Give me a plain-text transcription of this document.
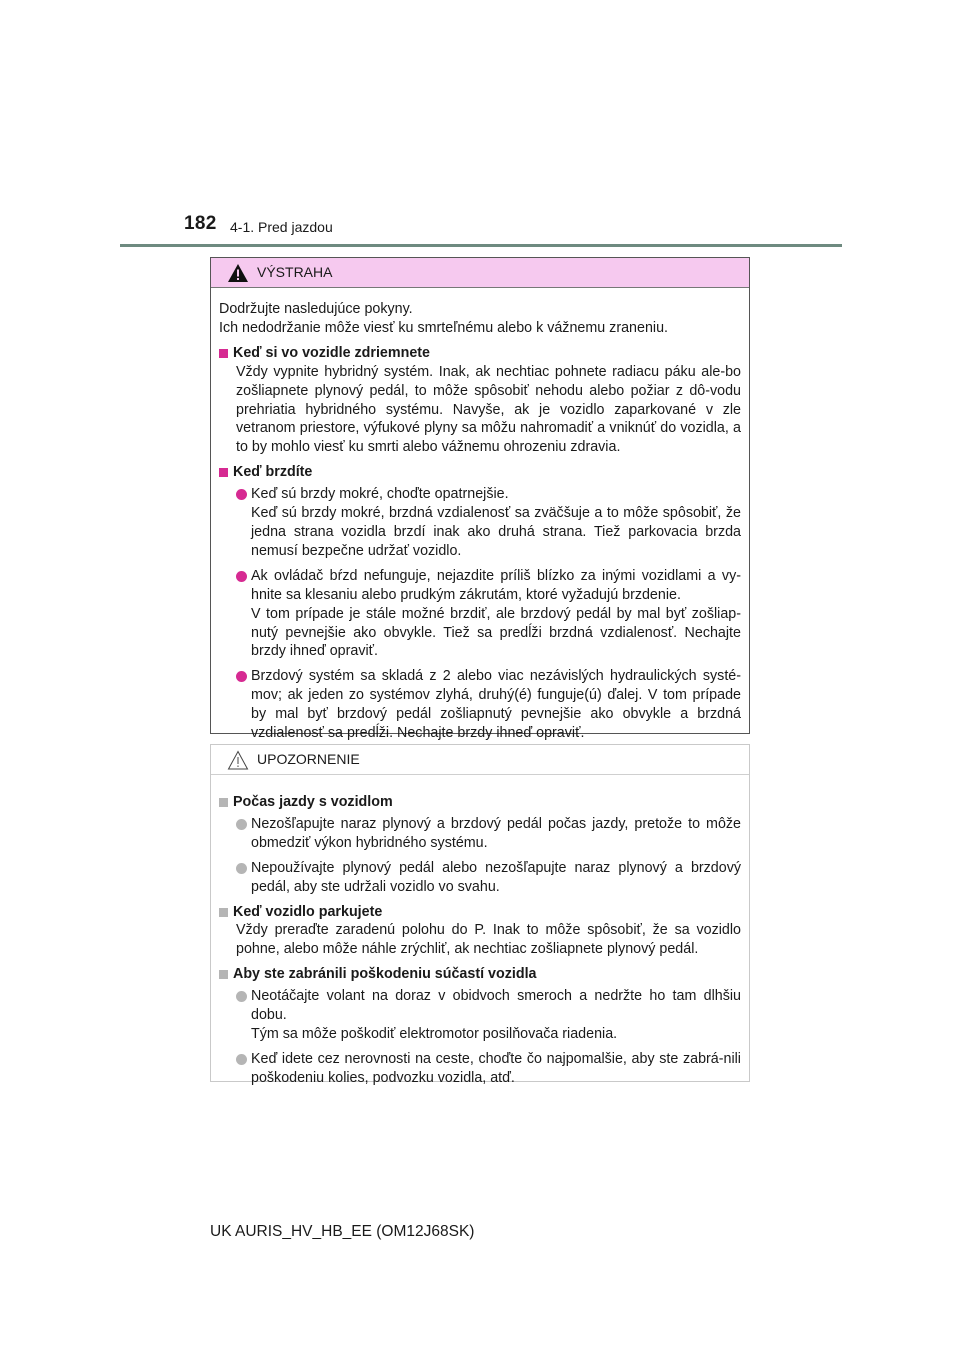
182 4-1. Pred jazdou
VÝSTRAHA
Dodržujte nasledujúce pokyny.
Ich nedodržanie môže viesť ku smrteľnému alebo k vážnemu zraneniu.
Keď si vo vozidle zdriemnete
Vždy vypnite hybridný systém. Inak, ak nechtiac pohnete radiacu páku ale-bo zošliapnete plynový pedál, to môže spôsobiť nehodu alebo požiar z dô-vodu prehriatia hybridného systému. Navyše, ak je vozidlo zaparkované v zle vetranom priestore, výfukové plyny sa môžu nahromadiť a vniknúť do vozidla, a to by mohlo viesť ku smrti alebo vážnemu ohrozeniu zdravia.
Keď brzdíte
Keď sú brzdy mokré, choďte opatrnejšie.
Keď sú brzdy mokré, brzdná vzdialenosť sa zväčšuje a to môže spôsobiť, že jedna strana vozidla brzdí inak ako druhá strana. Tiež parkovacia brzda nemusí bezpečne udržať vozidlo.
Ak ovládač bŕzd nefunguje, nejazdite príliš blízko za inými vozidlami a vy-hnite sa klesaniu alebo prudkým zákrutám, ktoré vyžadujú brzdenie.
V tom prípade je stále možné brzdiť, ale brzdový pedál by mal byť zošliap-nutý pevnejšie ako obvykle. Tiež sa predĺži brzdná vzdialenosť. Nechajte brzdy ihneď opraviť.
Brzdový systém sa skladá z 2 alebo viac nezávislých hydraulických systé-mov; ak jeden zo systémov zlyhá, druhý(é) funguje(ú) ďalej. V tom prípade by mal byť brzdový pedál zošliapnutý pevnejšie ako obvykle a brzdná vzdialenosť sa predĺži. Nechajte brzdy ihneď opraviť.
UPOZORNENIE
Počas jazdy s vozidlom
Nezošľapujte naraz plynový a brzdový pedál počas jazdy, pretože to môže obmedziť výkon hybridného systému.
Nepoužívajte plynový pedál alebo nezošľapujte naraz plynový a brzdový pedál, aby ste udržali vozidlo vo svahu.
Keď vozidlo parkujete
Vždy preraďte zaradenú polohu do P. Inak to môže spôsobiť, že sa vozidlo pohne, alebo môže náhle zrýchliť, ak nechtiac zošliapnete plynový pedál.
Aby ste zabránili poškodeniu súčastí vozidla
Neotáčajte volant na doraz v obidvoch smeroch a nedržte ho tam dlhšiu dobu.
Tým sa môže poškodiť elektromotor posilňovača riadenia.
Keď idete cez nerovnosti na ceste, choďte čo najpomalšie, aby ste zabrá-nili poškodeniu kolies, podvozku vozidla, atď.
UK AURIS_HV_HB_EE (OM12J68SK)
